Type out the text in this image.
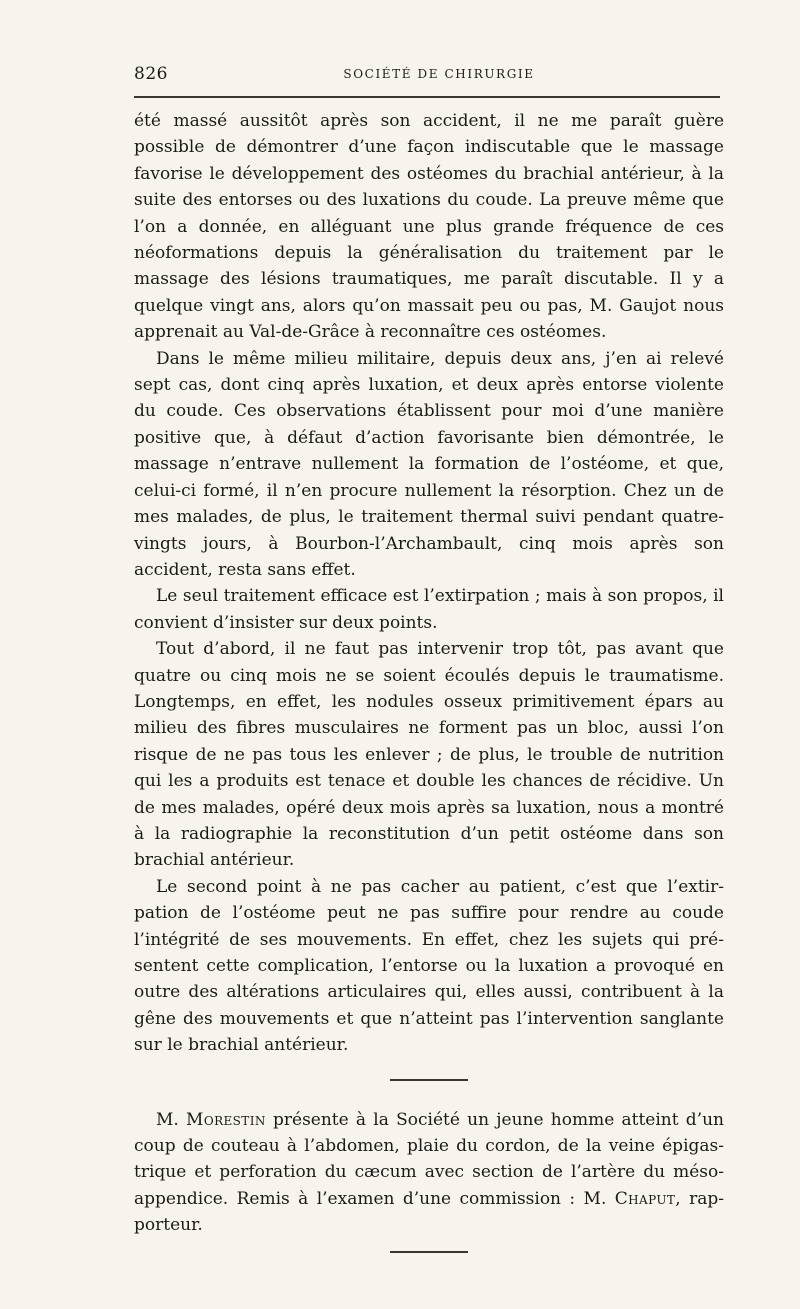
826	SOCIÉTÉ DE CHIRURGIE

été massé aussitôt après son accident, il ne me paraît guère possible de démontrer d’une façon indiscutable que le massage favorise le développement des ostéomes du brachial antérieur, à la suite des entorses ou des luxations du coude. La preuve même que l’on a donnée, en alléguant une plus grande fréquence de ces néoformations depuis la généralisation du traitement par le massage des lésions traumatiques, me paraît discutable. Il y a quelque vingt ans, alors qu’on massait peu ou pas, M. Gaujot nous apprenait au Val-de-Grâce à reconnaître ces ostéomes.

Dans le même milieu militaire, depuis deux ans, j’en ai relevé sept cas, dont cinq après luxation, et deux après entorse violente du coude. Ces observations établissent pour moi d’une manière positive que, à défaut d’action favorisante bien démontrée, le massage n’entrave nullement la formation de l’ostéome, et que, celui-ci formé, il n’en procure nullement la résorption. Chez un de mes malades, de plus, le traitement thermal suivi pendant quatre-vingts jours, à Bourbon-l’Archambault, cinq mois après son accident, resta sans effet.

Le seul traitement efficace est l’extirpation ; mais à son propos, il convient d’insister sur deux points.

Tout d’abord, il ne faut pas intervenir trop tôt, pas avant que quatre ou cinq mois ne se soient écoulés depuis le traumatisme. Longtemps, en effet, les nodules osseux primitivement épars au milieu des fibres musculaires ne forment pas un bloc, aussi l’on risque de ne pas tous les enlever ; de plus, le trouble de nutrition qui les a produits est tenace et double les chances de récidive. Un de mes malades, opéré deux mois après sa luxation, nous a montré à la radiographie la reconstitution d’un petit ostéome dans son brachial antérieur.

Le second point à ne pas cacher au patient, c’est que l’extirpation de l’ostéome peut ne pas suffire pour rendre au coude l’intégrité de ses mouvements. En effet, chez les sujets qui présentent cette complication, l’entorse ou la luxation a provoqué en outre des altérations articulaires qui, elles aussi, contribuent à la gêne des mouvements et que n’atteint pas l’intervention sanglante sur le brachial antérieur.

M. Morestin présente à la Société un jeune homme atteint d’un coup de couteau à l’abdomen, plaie du cordon, de la veine épigastrique et perforation du cæcum avec section de l’artère du mésoappendice. Remis à l’examen d’une commission : M. Chaput, rapporteur.
